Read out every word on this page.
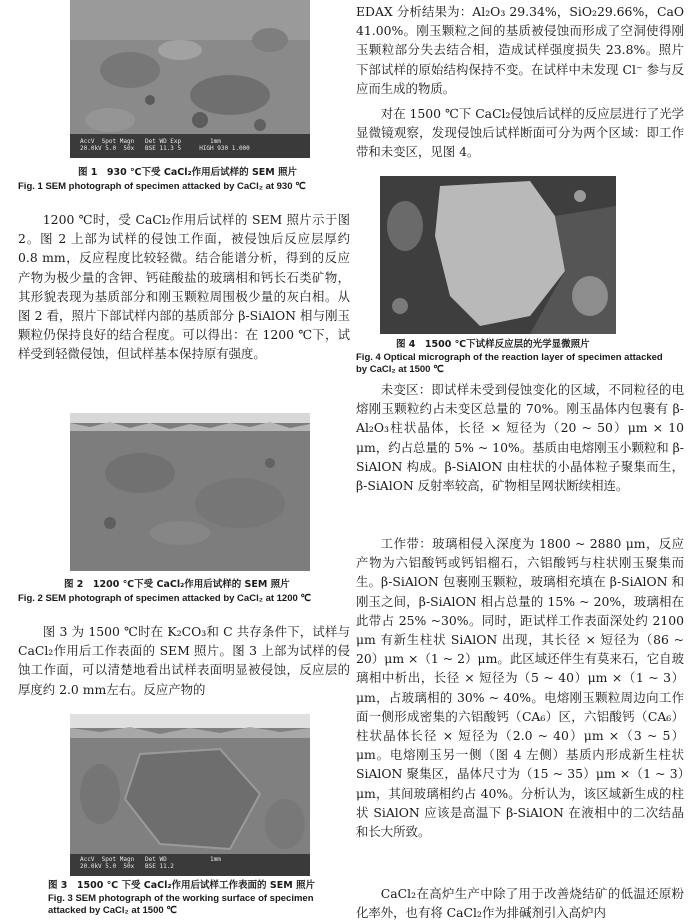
AccV  Spot Magn   Det WD Exp        1mm
20.0kV 5.0  50x   BSE 11.3 5     HIGH 930 1.000
图 1　930 ℃下受 CaCl₂作用后试样的 SEM 照片
Fig. 1 SEM photograph of specimen attacked by CaCl₂ at 930 ℃

1200 ℃时，受 CaCl₂作用后试样的 SEM 照片示于图 2。图 2 上部为试样的侵蚀工作面，被侵蚀后反应层厚约 0.8 mm，反应程度比较轻微。结合能谱分析，得到的反应产物为极少量的含钾、钙硅酸盐的玻璃相和钙长石类矿物，其形貌表现为基质部分和刚玉颗粒周围极少量的灰白相。从图 2 看，照片下部试样内部的基质部分 β-SiAlON 相与刚玉颗粒仍保持良好的结合程度。可以得出：在 1200 ℃下，试样受到轻微侵蚀，但试样基本保持原有强度。

图 2　1200 ℃下受 CaCl₂作用后试样的 SEM 照片
Fig. 2 SEM photograph of specimen attacked by CaCl₂ at 1200 ℃

图 3 为 1500 ℃时在 K₂CO₃和 C 共存条件下，试样与 CaCl₂作用后工作表面的 SEM 照片。图 3 上部为试样的侵蚀工作面，可以清楚地看出试样表面明显被侵蚀，反应层的厚度约 2.0 mm左右。反应产物的

AccV  Spot Magn   Det WD            1mm
20.0kV 5.0  50x   BSE 11.2
图 3　1500 ℃ 下受 CaCl₂作用后试样工作表面的 SEM 照片
Fig. 3 SEM photograph of the working surface of specimen attacked by CaCl₂ at 1500 ℃

EDAX 分析结果为：Al₂O₃ 29.34%，SiO₂29.66%，CaO 41.00%。刚玉颗粒之间的基质被侵蚀而形成了空洞使得刚玉颗粒部分失去结合相，造成试样强度损失 23.8%。照片下部试样的原始结构保持不变。在试样中未发现 Cl⁻ 参与反应而生成的物质。

对在 1500 ℃下 CaCl₂侵蚀后试样的反应层进行了光学显微镜观察，发现侵蚀后试样断面可分为两个区域：即工作带和未变区，见图 4。

图 4　1500 ℃下试样反应层的光学显微照片
Fig. 4 Optical micrograph of the reaction layer of specimen attacked by CaCl₂ at 1500 ℃

未变区：即试样未受到侵蚀变化的区域，不同粒径的电熔刚玉颗粒约占未变区总量的 70%。刚玉晶体内包裹有 β-Al₂O₃柱状晶体，长径 × 短径为（20 ~ 50）μm × 10 μm，约占总量的 5% ~ 10%。基质由电熔刚玉小颗粒和 β-SiAlON 构成。β-SiAlON 由柱状的小晶体粒子聚集而生，β-SiAlON 反射率较高，矿物相呈网状断续相连。

工作带：玻璃相侵入深度为 1800 ~ 2880 μm，反应产物为六铝酸钙或钙铝榴石，六铝酸钙与柱状刚玉聚集而生。β-SiAlON 包裹刚玉颗粒，玻璃相充填在 β-SiAlON 和刚玉之间，β-SiAlON 相占总量的 15% ~ 20%，玻璃相在此带占 25% ~30%。同时，距试样工作表面深处约 2100 μm 有新生柱状 SiAlON 出现，其长径 × 短径为（86 ~ 20）μm ×（1 ~ 2）μm。此区域还伴生有莫来石，它自玻璃相中析出，长径 × 短径为（5 ~ 40）μm ×（1 ~ 3）μm，占玻璃相的 30% ~ 40%。电熔刚玉颗粒周边向工作面一侧形成密集的六铝酸钙（CA₆）区，六铝酸钙（CA₆）柱状晶体长径 × 短径为（2.0 ~ 40）μm ×（3 ~ 5）μm。电熔刚玉另一侧（图 4 左侧）基质内形成新生柱状 SiAlON 聚集区，晶体尺寸为（15 ~ 35）μm ×（1 ~ 3）μm，其间玻璃相约占 40%。分析认为，该区域新生成的柱状 SiAlON 应该是高温下 β-SiAlON 在液相中的二次结晶和长大所致。

CaCl₂在高炉生产中除了用于改善烧结矿的低温还原粉化率外，也有将 CaCl₂作为排碱剂引入高炉内
